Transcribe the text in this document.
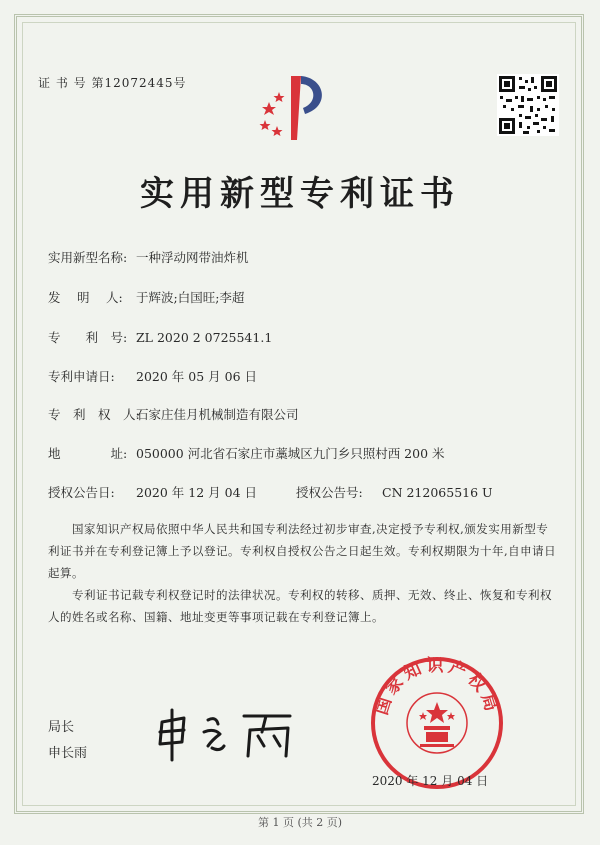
证 书 号 第12072445号
实用新型专利证书
实用新型名称: 一种浮动网带油炸机
发　 明　 人: 于辉波;白国旺;李超
专　　利　号: ZL 2020 2 0725541.1
专利申请日: 2020 年 05 月 06 日
专　利　权　人:石家庄佳月机械制造有限公司
地　　　　址: 050000 河北省石家庄市藁城区九门乡只照村西 200 米
授权公告日: 2020 年 12 月 04 日	授权公告号: CN 212065516 U
国家知识产权局依照中华人民共和国专利法经过初步审查,决定授予专利权,颁发实用新型专利证书并在专利登记簿上予以登记。专利权自授权公告之日起生效。专利权期限为十年,自申请日起算。
专利证书记载专利权登记时的法律状况。专利权的转移、质押、无效、终止、恢复和专利权人的姓名或名称、国籍、地址变更等事项记载在专利登记簿上。
局长
申长雨
国家知识产权局
2020 年 12 月 04 日
第 1 页 (共 2 页)
